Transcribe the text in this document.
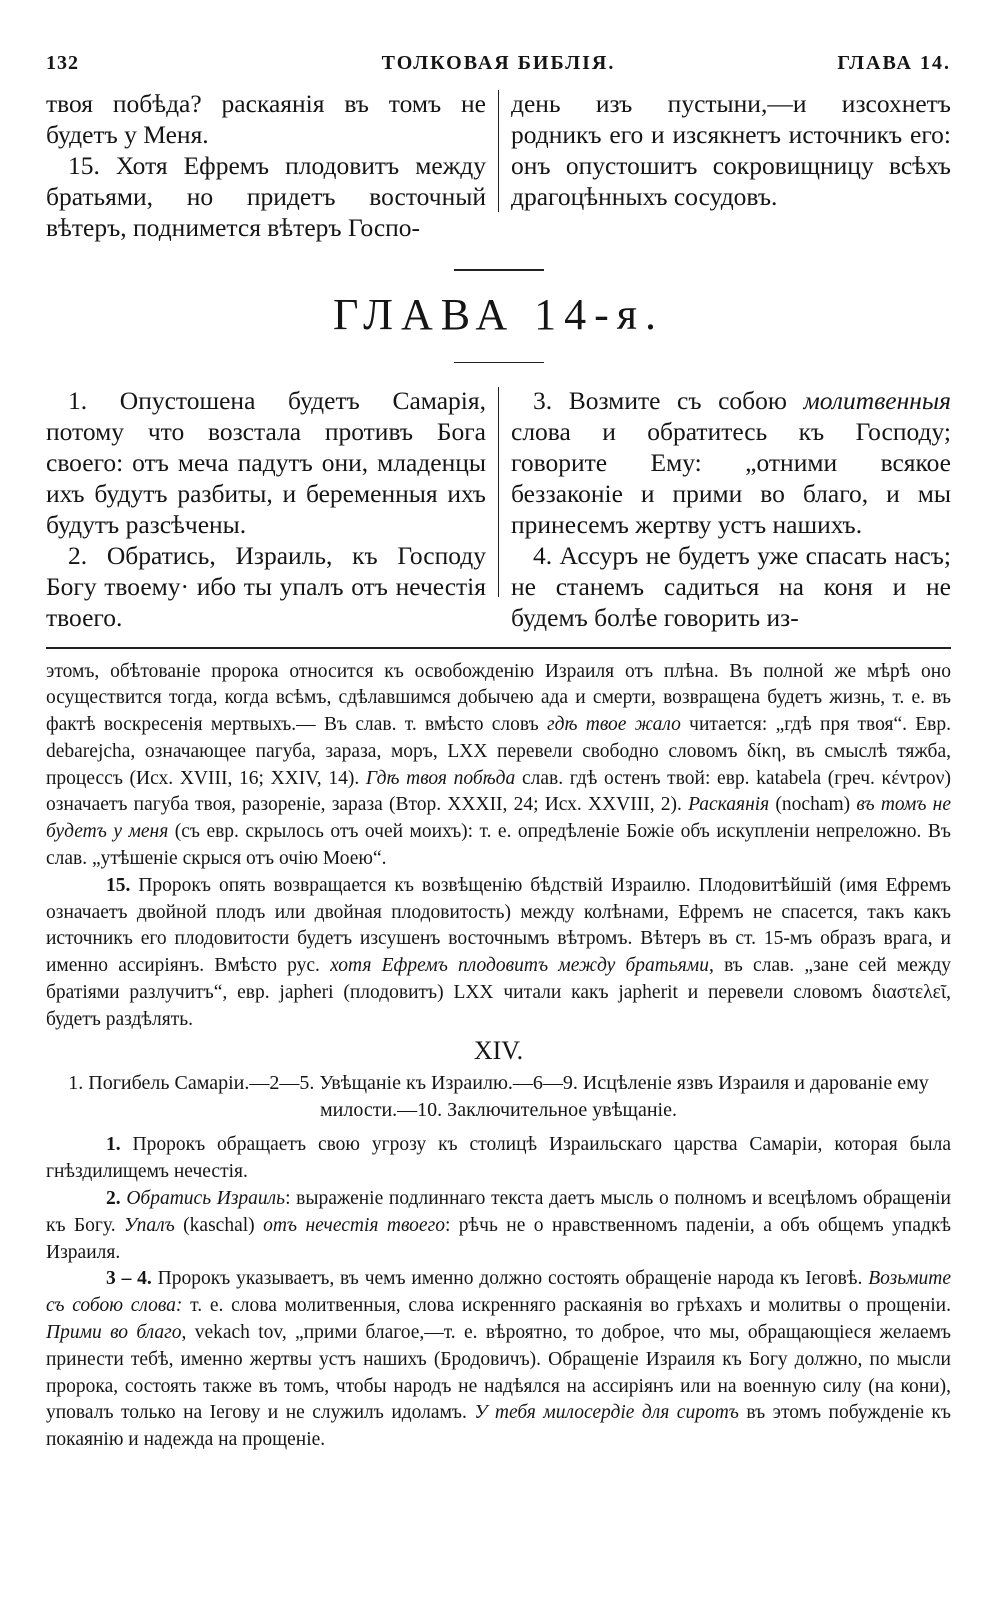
132	ТОЛКОВАЯ БИБЛІЯ.	ГЛАВА 14.

твоя побѣда? раскаянія въ томъ не будетъ у Меня.

15. Хотя Ефремъ плодовитъ между братьями, но придетъ восточный вѣтеръ, поднимется вѣтеръ Госпо-

день изъ пустыни,—и изсохнетъ родникъ его и изсякнетъ источникъ его: онъ опустошитъ сокровищницу всѣхъ драгоцѣнныхъ сосудовъ.

ГЛАВА 14-я.

1. Опустошена будетъ Самарія, потому что возстала противъ Бога своего: отъ меча падутъ они, младенцы ихъ будутъ разбиты, и беременныя ихъ будутъ разсѣчены.

2. Обратись, Израиль, къ Господу Богу твоему· ибо ты упалъ отъ нечестія твоего.

3. Возмите съ собою молитвенныя слова и обратитесь къ Господу; говорите Ему: „отними всякое беззаконіе и прими во благо, и мы принесемъ жертву устъ нашихъ.

4. Ассуръ не будетъ уже спасать насъ; не станемъ садиться на коня и не будемъ болѣе говорить из-

этомъ, обѣтованіе пророка относится къ освобожденію Израиля отъ плѣна. Въ полной же мѣрѣ оно осуществится тогда, когда всѣмъ, сдѣлавшимся добычею ада и смерти, возвращена будетъ жизнь, т. е. въ фактѣ воскресенія мертвыхъ.— Въ слав. т. вмѣсто словъ гдѣ твое жало читается: „гдѣ пря твоя“. Евр. debarejcha, означающее пагуба, зараза, моръ, LXX перевели свободно словомъ δίκη, въ смыслѣ тяжба, процессъ (Исх. XVIII, 16; XXIV, 14). Гдѣ твоя побѣда слав. гдѣ остенъ твой: евр. katabela (греч. κέντρον) означаетъ пагуба твоя, разореніе, зараза (Втор. XXXII, 24; Исх. XXVIII, 2). Раскаянія (nocham) въ томъ не будетъ у меня (съ евр. скрылось отъ очей моихъ): т. е. опредѣленіе Божіе объ искупленіи непреложно. Въ слав. „утѣшеніе скрыся отъ очію Моею“.

15. Пророкъ опять возвращается къ возвѣщенію бѣдствій Израилю. Плодовитѣйшій (имя Ефремъ означаетъ двойной плодъ или двойная плодовитость) между колѣнами, Ефремъ не спасется, такъ какъ источникъ его плодовитости будетъ изсушенъ восточнымъ вѣтромъ. Вѣтеръ въ ст. 15-мъ образъ врага, и именно ассиріянъ. Вмѣсто рус. хотя Ефремъ плодовитъ между братьями, въ слав. „зане сей между братіями разлучитъ“, евр. japheri (плодовитъ) LXX читали какъ japherit и перевели словомъ διαστελεῖ, будетъ раздѣлять.

XIV.
1. Погибель Самаріи.—2—5. Увѣщаніе къ Израилю.—6—9. Исцѣленіе язвъ Израиля и дарованіе ему милости.—10. Заключительное увѣщаніе.

1. Пророкъ обращаетъ свою угрозу къ столицѣ Израильскаго царства Самаріи, которая была гнѣздилищемъ нечестія.

2. Обратись Израиль: выраженіе подлиннаго текста даетъ мысль о полномъ и всецѣломъ обращеніи къ Богу. Упалъ (kaschal) отъ нечестія твоего: рѣчь не о нравственномъ паденіи, а объ общемъ упадкѣ Израиля.

3 – 4. Пророкъ указываетъ, въ чемъ именно должно состоять обращеніе народа къ Іеговѣ. Возьмите съ собою слова: т. е. слова молитвенныя, слова искренняго раскаянія во грѣхахъ и молитвы о прощеніи. Прими во благо, vekach tov, „прими благое,—т. е. вѣроятно, то доброе, что мы, обращающіеся желаемъ принести тебѣ, именно жертвы устъ нашихъ (Бродовичъ). Обращеніе Израиля къ Богу должно, по мысли пророка, состоять также въ томъ, чтобы народъ не надѣялся на ассиріянъ или на военную силу (на кони), уповалъ только на Іегову и не служилъ идоламъ. У тебя милосердіе для сиротъ въ этомъ побужденіе къ покаянію и надежда на прощеніе.
